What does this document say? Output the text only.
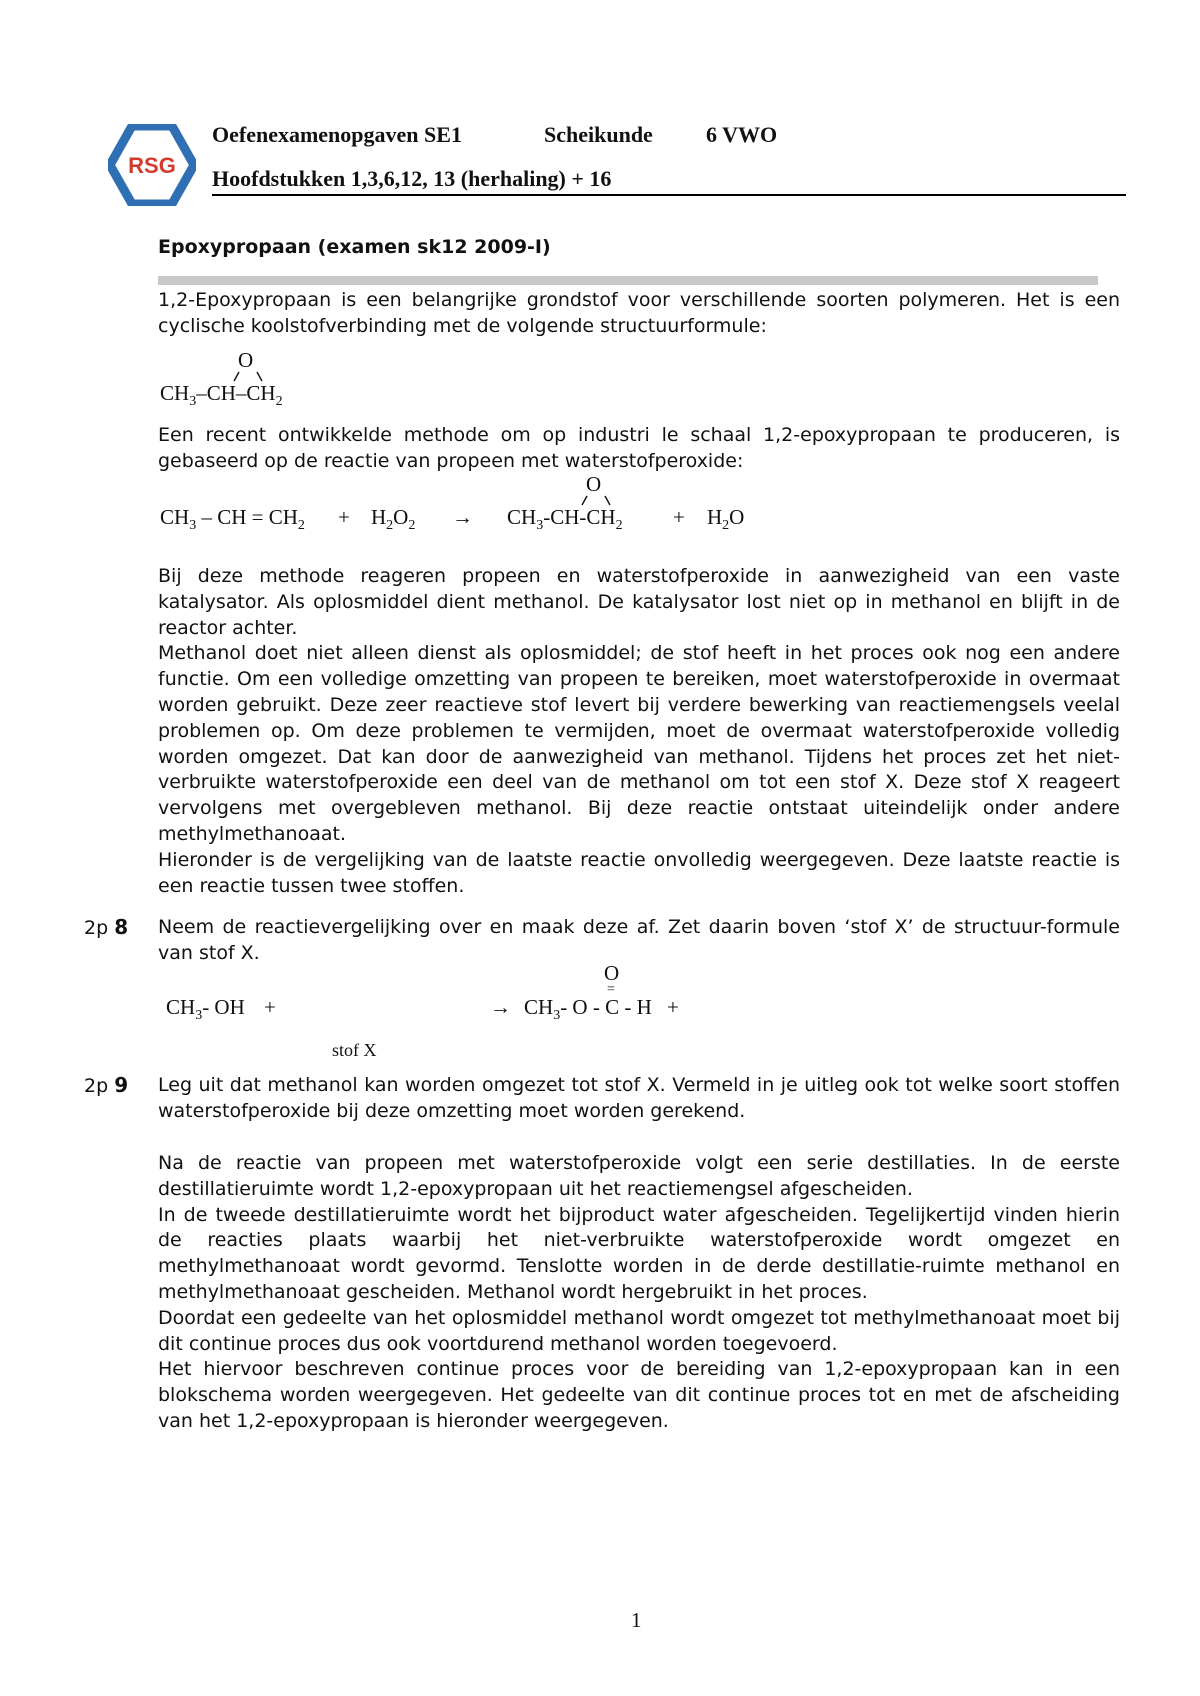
RSG
Oefenexamenopgaven SE1	Scheikunde 6 VWO
Hoofdstukken 1,3,6,12, 13 (herhaling) + 16
Epoxypropaan (examen sk12 2009-I)
1,2-Epoxypropaan is een belangrijke grondstof voor verschillende soorten polymeren. Het is een cyclische koolstofverbinding met de volgende structuurformule:
O
$CH_3-CH-CH_2$
Een recent ontwikkelde methode om op industri le schaal 1,2-epoxypropaan te produceren, is gebaseerd op de reactie van propeen met waterstofperoxide:
$CH_3$ – CH = $CH_2 + H_2O_2$ →
O
$CH_3-CH-CH_2 + H_2O$

Bij deze methode reageren propeen en waterstofperoxide in aanwezigheid van een vaste katalysator. Als oplosmiddel dient methanol. De katalysator lost niet op in methanol en blijft in de reactor achter.

Methanol doet niet alleen dienst als oplosmiddel; de stof heeft in het proces ook nog een andere functie. Om een volledige omzetting van propeen te bereiken, moet waterstofperoxide in overmaat worden gebruikt. Deze zeer reactieve stof levert bij verdere bewerking van reactiemengsels veelal problemen op. Om deze problemen te vermijden, moet de overmaat waterstofperoxide volledig worden omgezet. Dat kan door de aanwezigheid van methanol. Tijdens het proces zet het niet-verbruikte waterstofperoxide een deel van de methanol om tot een stof X. Deze stof X reageert vervolgens met overgebleven methanol. Bij deze reactie ontstaat uiteindelijk onder andere methylmethanoaat.

Hieronder is de vergelijking van de laatste reactie onvolledig weergegeven. Deze laatste reactie is een reactie tussen twee stoffen.

2p 8 Neem de reactievergelijking over en maak deze af. Zet daarin boven ‘stof X’ de structuur-formule van stof X.
$CH_3-$ OH +	→
O
=
$CH_3-$ O - C - H +
stof X
2p 9 Leg uit dat methanol kan worden omgezet tot stof X. Vermeld in je uitleg ook tot welke soort stoffen waterstofperoxide bij deze omzetting moet worden gerekend.

Na de reactie van propeen met waterstofperoxide volgt een serie destillaties. In de eerste destillatieruimte wordt 1,2-epoxypropaan uit het reactiemengsel afgescheiden.

In de tweede destillatieruimte wordt het bijproduct water afgescheiden. Tegelijkertijd vinden hierin de reacties plaats waarbij het niet-verbruikte waterstofperoxide wordt omgezet en methylmethanoaat wordt gevormd. Tenslotte worden in de derde destillatie-ruimte methanol en methylmethanoaat gescheiden. Methanol wordt hergebruikt in het proces.

Doordat een gedeelte van het oplosmiddel methanol wordt omgezet tot methylmethanoaat moet bij dit continue proces dus ook voortdurend methanol worden toegevoerd.

Het hiervoor beschreven continue proces voor de bereiding van 1,2-epoxypropaan kan in een blokschema worden weergegeven. Het gedeelte van dit continue proces tot en met de afscheiding van het 1,2-epoxypropaan is hieronder weergegeven.

1
